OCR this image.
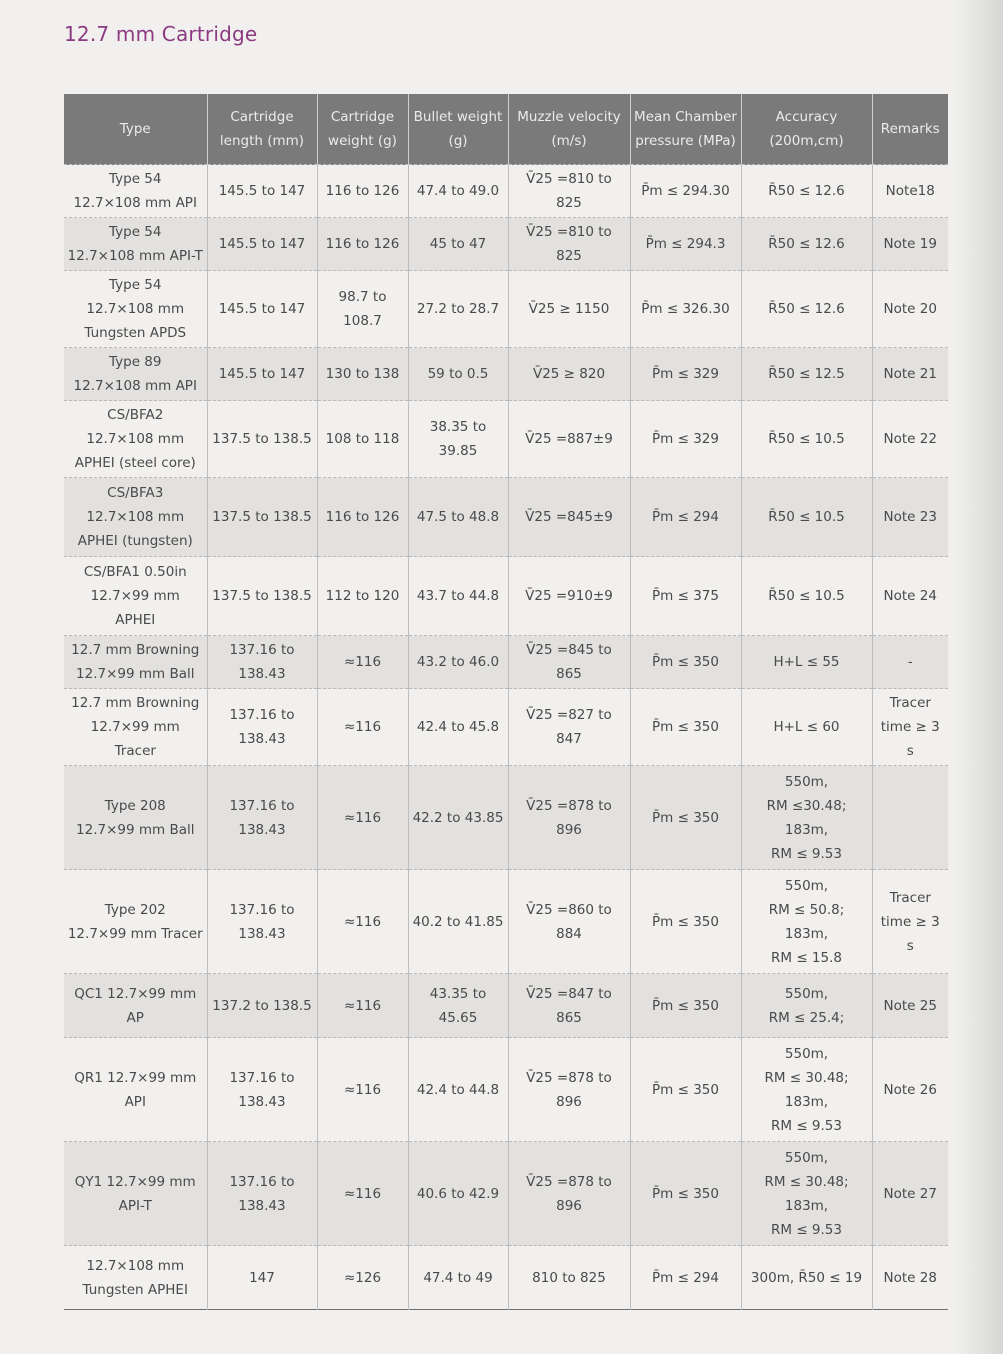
12.7 mm Cartridge
Type	Cartridge length (mm)	Cartridge weight (g)	Bullet weight (g)	Muzzle velocity (m/s)	Mean Chamber pressure (MPa)	Accuracy (200m,cm)	Remarks
Type 54
12.7×108 mm API	145.5 to 147	116 to 126	47.4 to 49.0	V̄25 =810 to 825	P̄m ≤ 294.30	R̄50 ≤ 12.6	Note18
Type 54
12.7×108 mm API-T	145.5 to 147	116 to 126	45 to 47	V̄25 =810 to 825	P̄m ≤ 294.3	R̄50 ≤ 12.6	Note 19
Type 54
12.7×108 mm
Tungsten APDS	145.5 to 147	98.7 to
108.7	27.2 to 28.7	V̄25 ≥ 1150	P̄m ≤ 326.30	R̄50 ≤ 12.6	Note 20
Type 89
12.7×108 mm API	145.5 to 147	130 to 138	59 to 0.5	V̄25 ≥ 820	P̄m ≤ 329	R̄50 ≤ 12.5	Note 21
CS/BFA2
12.7×108 mm
APHEI (steel core)	137.5 to 138.5	108 to 118	38.35 to
39.85	V̄25 =887±9	P̄m ≤ 329	R̄50 ≤ 10.5	Note 22
CS/BFA3
12.7×108 mm
APHEI (tungsten)	137.5 to 138.5	116 to 126	47.5 to 48.8	V̄25 =845±9	P̄m ≤ 294	R̄50 ≤ 10.5	Note 23
CS/BFA1 0.50in
12.7×99 mm
APHEI	137.5 to 138.5	112 to 120	43.7 to 44.8	V̄25 =910±9	P̄m ≤ 375	R̄50 ≤ 10.5	Note 24
12.7 mm Browning
12.7×99 mm Ball	137.16 to
138.43	≈116	43.2 to 46.0	V̄25 =845 to 865	P̄m ≤ 350	H+L ≤ 55	-
12.7 mm Browning
12.7×99 mm
Tracer	137.16 to
138.43	≈116	42.4 to 45.8	V̄25 =827 to 847	P̄m ≤ 350	H+L ≤ 60	Tracer
time ≥ 3 s
Type 208
12.7×99 mm Ball	137.16 to
138.43	≈116	42.2 to 43.85	V̄25 =878 to 896	P̄m ≤ 350	550m,
RM ≤30.48;
183m,
RM ≤ 9.53	
Type 202
12.7×99 mm Tracer	137.16 to
138.43	≈116	40.2 to 41.85	V̄25 =860 to 884	P̄m ≤ 350	550m,
RM ≤ 50.8;
183m,
RM ≤ 15.8	Tracer
time ≥ 3 s
QC1 12.7×99 mm
AP	137.2 to 138.5	≈116	43.35 to
45.65	V̄25 =847 to 865	P̄m ≤ 350	550m,
RM ≤ 25.4;	Note 25
QR1 12.7×99 mm
API	137.16 to
138.43	≈116	42.4 to 44.8	V̄25 =878 to 896	P̄m ≤ 350	550m,
RM ≤ 30.48;
183m,
RM ≤ 9.53	Note 26
QY1 12.7×99 mm
API-T	137.16 to
138.43	≈116	40.6 to 42.9	V̄25 =878 to 896	P̄m ≤ 350	550m,
RM ≤ 30.48;
183m,
RM ≤ 9.53	Note 27
12.7×108 mm
Tungsten APHEI	147	≈126	47.4 to 49	810 to 825	P̄m ≤ 294	300m, R̄50 ≤ 19	Note 28
